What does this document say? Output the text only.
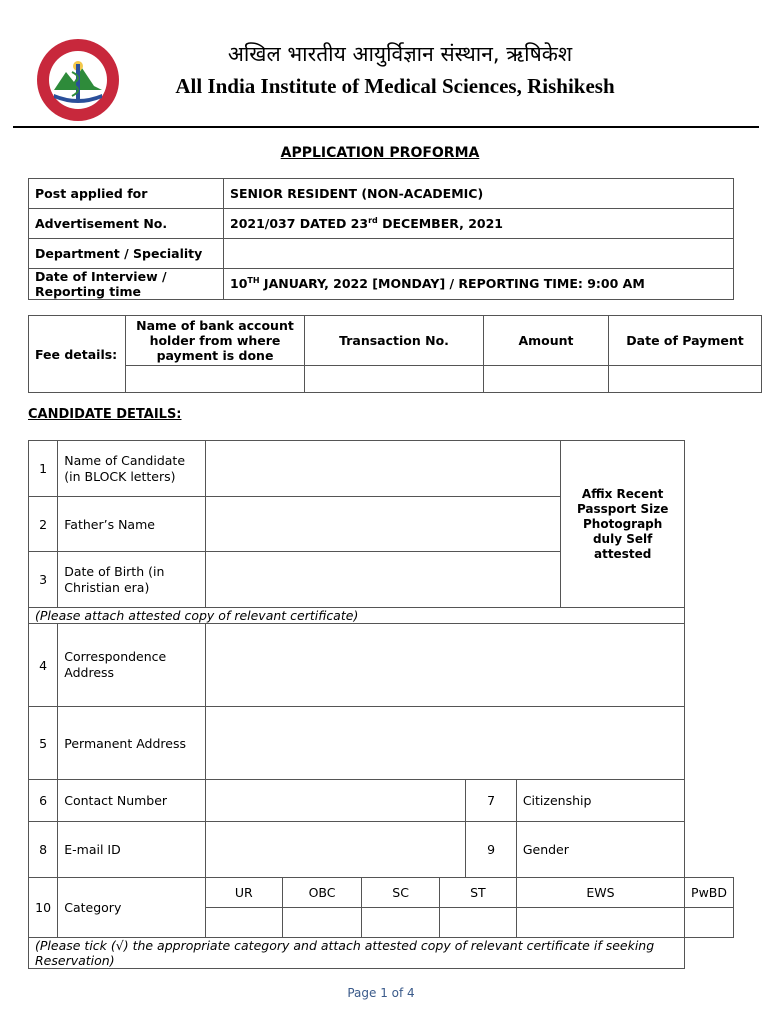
अखिल भारतीय आयुर्विज्ञान संस्थान, ऋषिकेश
All India Institute of Medical Sciences, Rishikesh
APPLICATION PROFORMA
Post applied for	SENIOR RESIDENT (NON-ACADEMIC)
Advertisement No.	2021/037 DATED 23rd DECEMBER, 2021
Department / Speciality	
Date of Interview / Reporting time	10TH JANUARY, 2022 [MONDAY] / REPORTING TIME: 9:00 AM
Fee details:	Name of bank account holder from where payment is done	Transaction No.	Amount	Date of Payment

CANDIDATE DETAILS:
1	Name of Candidate (in BLOCK letters)							Affix Recent Passport Size Photograph duly Self attested	
2	Father’s Name								
3	Date of Birth (in Christian era)								
(Please attach attested copy of relevant certificate)									
4	Correspondence Address								
5	Permanent Address								
6	Contact Number					7	Citizenship		
8	E-mail ID					9	Gender		
10	Category	UR	OBC	SC	ST		EWS		PwBD

(Please tick (√) the appropriate category and attach attested copy of relevant certificate if seeking Reservation)									
Page 1 of 4
